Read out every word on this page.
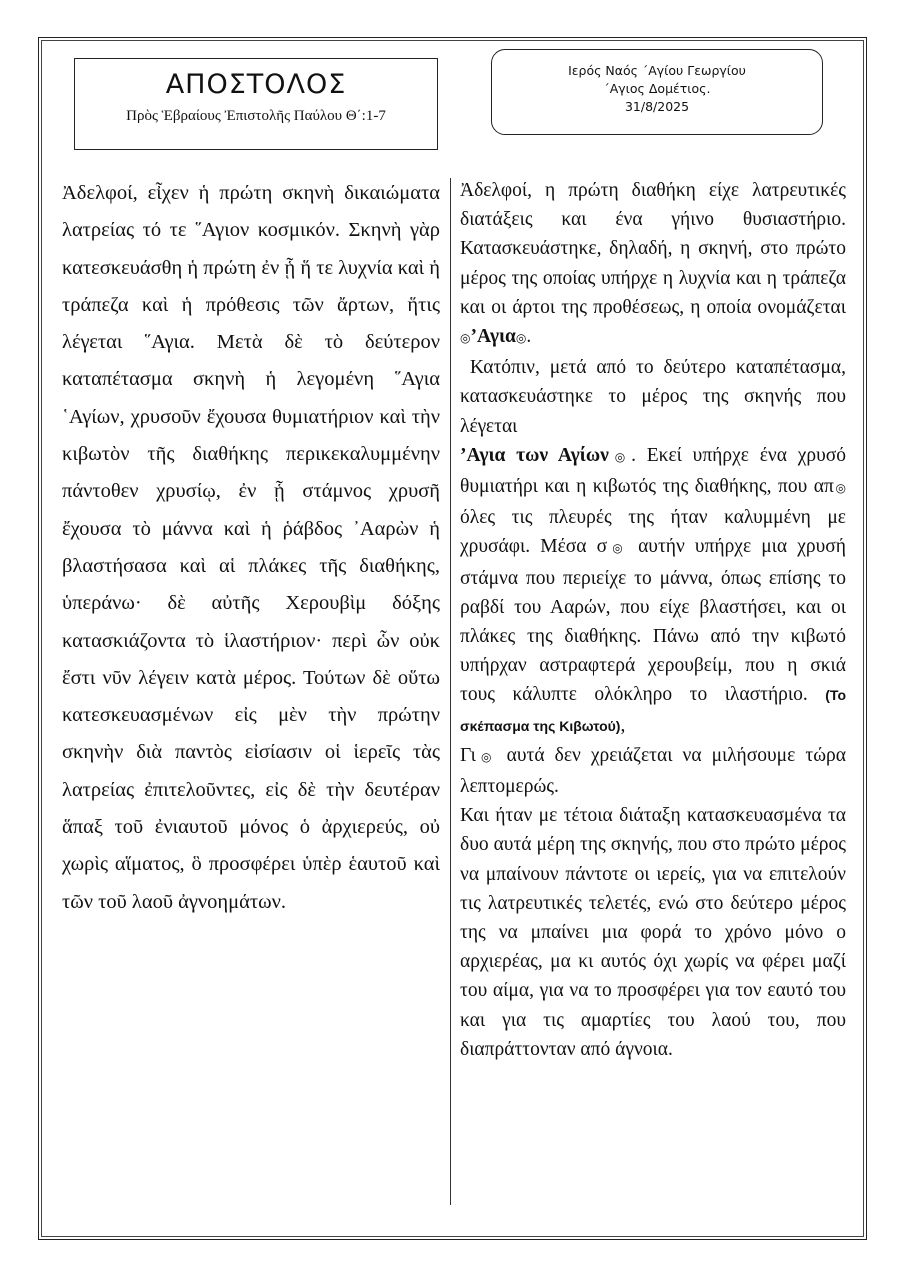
ΑΠΟΣΤΟΛΟΣ
Πρὸς Ἑβραίους Ἐπιστολῆς Παύλου Θ΄:1-7
Ιερός Ναός ΄Αγίου Γεωργίου
΄Αγιος Δομέτιος.
31/8/2025

Ἀδελφοί, εἶχεν ἡ πρώτη σκηνὴ δικαιώματα λατρείας τό τε ῞Αγιον κοσμικόν. Σκηνὴ γὰρ κατεσκευάσθη ἡ πρώτη ἐν ᾗ ἥ τε λυχνία καὶ ἡ τράπεζα καὶ ἡ πρόθεσις τῶν ἄρτων, ἥτις λέγεται ῞Αγια. Μετὰ δὲ τὸ δεύτερον καταπέτασμα σκηνὴ ἡ λεγομένη ῞Αγια ῾Αγίων, χρυσοῦν ἔχουσα θυμιατήριον καὶ τὴν κιβωτὸν τῆς διαθήκης περικεκαλυμμένην πάντοθεν χρυσίῳ, ἐν ᾗ στάμνος χρυσῆ ἔχουσα τὸ μάννα καὶ ἡ ῥάβδος ᾿Ααρὼν ἡ βλαστήσασα καὶ αἱ πλάκες τῆς διαθήκης, ὑπεράνω· δὲ αὐτῆς Χερουβὶμ δόξης κατασκιάζοντα τὸ ἱλαστήριον· περὶ ὧν οὐκ ἔστι νῦν λέγειν κατὰ μέρος. Τούτων δὲ οὕτω κατεσκευασμένων εἰς μὲν τὴν πρώτην σκηνὴν διὰ παντὸς εἰσίασιν οἱ ἱερεῖς τὰς λατρείας ἐπιτελοῦντες, εἰς δὲ τὴν δευτέραν ἅπαξ τοῦ ἐνιαυτοῦ μόνος ὁ ἀρχιερεύς, οὐ χωρὶς αἵματος, ὃ προσφέρει ὑπὲρ ἑαυτοῦ καὶ τῶν τοῦ λαοῦ ἀγνοημάτων.

Ἀδελφοί, η πρώτη διαθήκη είχε λατρευτικές διατάξεις και ένα γήινο θυσιαστήριο. Κατασκευάστηκε, δηλαδή, η σκηνή, στο πρώτο μέρος της οποίας υπήρχε η λυχνία και η τράπεζα και οι άρτοι της προθέσεως, η οποία ονομάζεται ◎’Αγια◎.

Κατόπιν, μετά από το δεύτερο καταπέτασμα, κατασκευάστηκε το μέρος της σκηνής που λέγεται

’Αγια των Αγίων◎. Εκεί υπήρχε ένα χρυσό θυμιατήρι και η κιβωτός της διαθήκης, που απ◎ όλες τις πλευρές της ήταν καλυμμένη με χρυσάφι. Μέσα σ◎ αυτήν υπήρχε μια χρυσή στάμνα που περιείχε το μάννα, όπως επίσης το ραβδί του Ααρών, που είχε βλαστήσει, και οι πλάκες της διαθήκης. Πάνω από την κιβωτό υπήρχαν αστραφτερά χερουβείμ, που η σκιά τους κάλυπτε ολόκληρο το ιλαστήριο. (Το σκέπασμα της Κιβωτού),

Γι◎ αυτά δεν χρειάζεται να μιλήσουμε τώρα λεπτομερώς.

Και ήταν με τέτοια διάταξη κατασκευασμένα τα δυο αυτά μέρη της σκηνής, που στο πρώτο μέρος να μπαίνουν πάντοτε οι ιερείς, για να επιτελούν τις λατρευτικές τελετές, ενώ στο δεύτερο μέρος της να μπαίνει μια φορά το χρόνο μόνο ο αρχιερέας, μα κι αυτός όχι χωρίς να φέρει μαζί του αίμα, για να το προσφέρει για τον εαυτό του και για τις αμαρτίες του λαού του, που διαπράττονταν από άγνοια.
